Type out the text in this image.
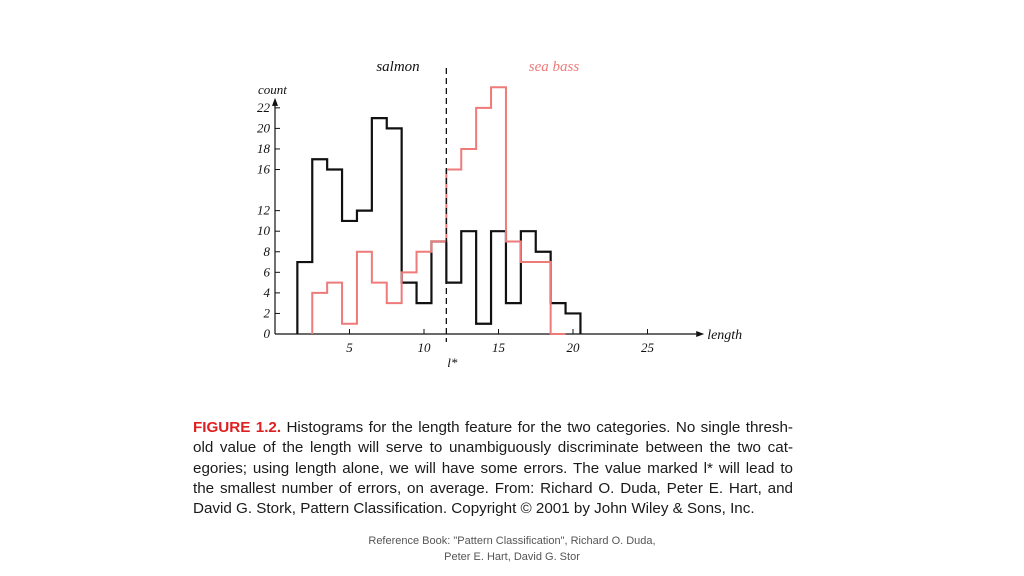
length
count
5	10	15	20	25
0
2
4
6
8
10
12
16
18
20
22
salmon	sea bass
l*
FIGURE 1.2. Histograms for the length feature for the two categories. No single thresh- old value of the length will serve to unambiguously discriminate between the two cat- egories; using length alone, we will have some errors. The value marked l* will lead to the smallest number of errors, on average. From: Richard O. Duda, Peter E. Hart, and David G. Stork, Pattern Classification. Copyright © 2001 by John Wiley & Sons, Inc.
Reference Book: "Pattern Classification", Richard O. Duda,
Peter E. Hart, David G. Stor
